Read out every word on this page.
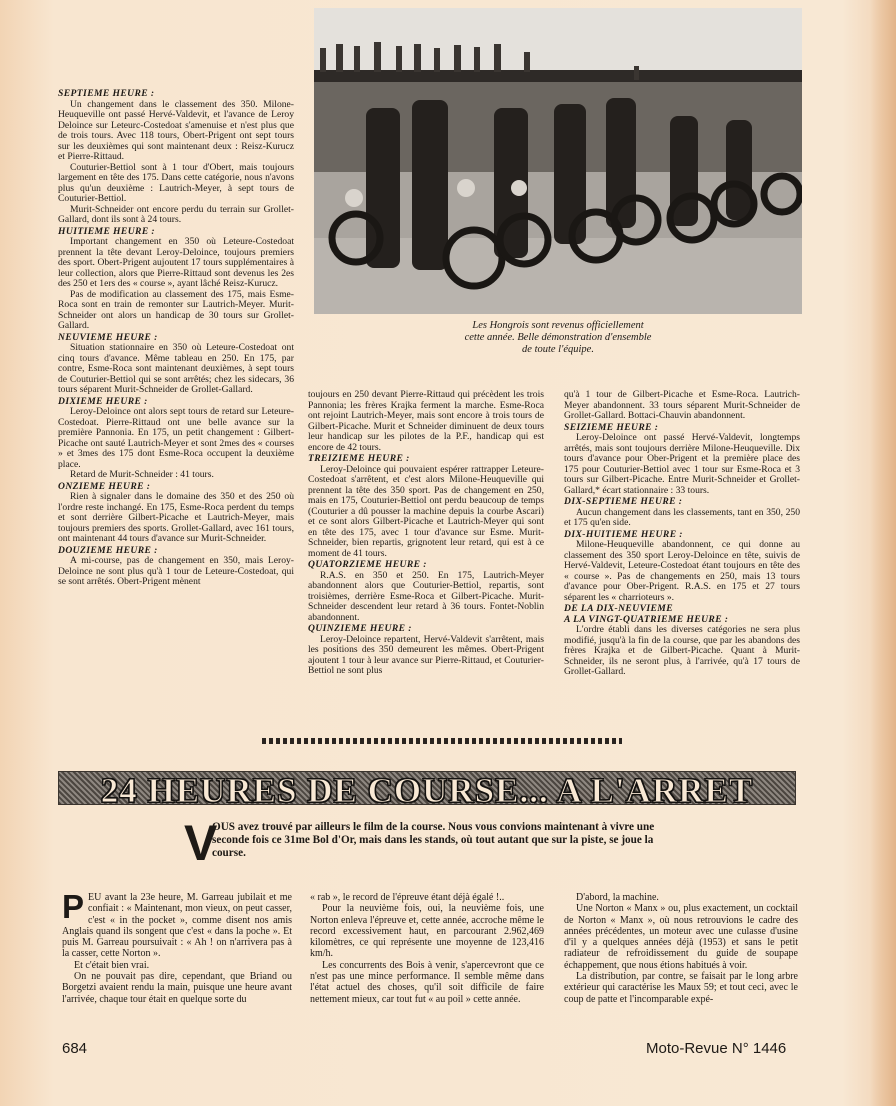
SEPTIEME HEURE :

Un changement dans le classement des 350. Milone-Heuqueville ont passé Hervé-Valdevit, et l'avance de Leroy Deloince sur Leteurc-Costedoat s'amenuise et n'est plus que de trois tours. Avec 118 tours, Obert-Prigent ont sept tours sur les deuxièmes qui sont maintenant deux : Reisz-Kurucz et Pierre-Rittaud.

Couturier-Bettiol sont à 1 tour d'Obert, mais toujours largement en tête des 175. Dans cette catégorie, nous n'avons plus qu'un deuxième : Lautrich-Meyer, à sept tours de Couturier-Bettiol.

Murit-Schneider ont encore perdu du terrain sur Grollet-Gallard, dont ils sont à 24 tours.

HUITIEME HEURE :

Important changement en 350 où Leteure-Costedoat prennent la tête devant Leroy-Deloince, toujours premiers des sport. Obert-Prigent aujoutent 17 tours supplémentaires à leur collection, alors que Pierre-Rittaud sont devenus les 2es des 250 et 1ers des « course », ayant lâché Reisz-Kurucz.

Pas de modification au classement des 175, mais Esme-Roca sont en train de remonter sur Lautrich-Meyer. Murit-Schneider ont alors un handicap de 30 tours sur Grollet-Gallard.

NEUVIEME HEURE :

Situation stationnaire en 350 où Leteure-Costedoat ont cinq tours d'avance. Même tableau en 250. En 175, par contre, Esme-Roca sont maintenant deuxièmes, à sept tours de Couturier-Bettiol qui se sont arrêtés; chez les sidecars, 36 tours séparent Murit-Schneider de Grollet-Gallard.

DIXIEME HEURE :

Leroy-Deloince ont alors sept tours de retard sur Leteure-Costedoat. Pierre-Rittaud ont une belle avance sur la première Pannonia. En 175, un petit changement : Gilbert-Picache ont sauté Lautrich-Meyer et sont 2mes des « courses » et 3mes des 175 dont Esme-Roca occupent la deuxième place.

Retard de Murit-Schneider : 41 tours.

ONZIEME HEURE :

Rien à signaler dans le domaine des 350 et des 250 où l'ordre reste inchangé. En 175, Esme-Roca perdent du temps et sont derrière Gilbert-Picache et Lautrich-Meyer, mais toujours premiers des sports. Grollet-Gallard, avec 161 tours, ont maintenant 44 tours d'avance sur Murit-Schneider.

DOUZIEME HEURE :

A mi-course, pas de changement en 350, mais Leroy-Deloince ne sont plus qu'à 1 tour de Leteure-Costedoat, qui se sont arrêtés. Obert-Prigent mènent

Les Hongrois sont revenus officiellement
cette année. Belle démonstration d'ensemble
de toute l'équipe.

toujours en 250 devant Pierre-Rittaud qui précèdent les trois Pannonia; les frères Krajka ferment la marche. Esme-Roca ont rejoint Lautrich-Meyer, mais sont encore à trois tours de Gilbert-Picache. Murit et Schneider diminuent de deux tours leur handicap sur les pilotes de la P.F., handicap qui est encore de 42 tours.

TREIZIEME HEURE :

Leroy-Deloince qui pouvaient espérer rattrapper Leteure-Costedoat s'arrêtent, et c'est alors Milone-Heuqueville qui prennent la tête des 350 sport. Pas de changement en 250, mais en 175, Couturier-Bettiol ont perdu beaucoup de temps (Couturier a dû pousser la machine depuis la courbe Ascari) et ce sont alors Gilbert-Picache et Lautrich-Meyer qui sont en tête des 175, avec 1 tour d'avance sur Esme. Murit-Schneider, bien repartis, grignotent leur retard, qui est à ce moment de 41 tours.

QUATORZIEME HEURE :

R.A.S. en 350 et 250. En 175, Lautrich-Meyer abandonnent alors que Couturier-Bettiol, repartis, sont troisièmes, derrière Esme-Roca et Gilbert-Picache. Murit-Schneider descendent leur retard à 36 tours. Fontet-Noblin abandonnent.

QUINZIEME HEURE :

Leroy-Deloince repartent, Hervé-Valdevit s'arrêtent, mais les positions des 350 demeurent les mêmes. Obert-Prigent ajoutent 1 tour à leur avance sur Pierre-Rittaud, et Couturier-Bettiol ne sont plus

qu'à 1 tour de Gilbert-Picache et Esme-Roca. Lautrich-Meyer abandonnent. 33 tours séparent Murit-Schneider de Grollet-Gallard. Bottaci-Chauvin abandonnent.

SEIZIEME HEURE :

Leroy-Deloince ont passé Hervé-Valdevit, longtemps arrêtés, mais sont toujours derrière Milone-Heuqueville. Dix tours d'avance pour Ober-Prigent et la première place des 175 pour Couturier-Bettiol avec 1 tour sur Esme-Roca et 3 tours sur Gilbert-Picache. Entre Murit-Schneider et Grollet-Gallard,* écart stationnaire : 33 tours.

DIX-SEPTIEME HEURE :

Aucun changement dans les classements, tant en 350, 250 et 175 qu'en side.

DIX-HUITIEME HEURE :

Milone-Heuqueville abandonnent, ce qui donne au classement des 350 sport Leroy-Deloince en tête, suivis de Hervé-Valdevit, Leteure-Costedoat étant toujours en tête des « course ». Pas de changements en 250, mais 13 tours d'avance pour Ober-Prigent. R.A.S. en 175 et 27 tours séparent les « charrioteurs ».

DE LA DIX-NEUVIEME
A LA VINGT-QUATRIEME HEURE :

L'ordre établi dans les diverses catégories ne sera plus modifié, jusqu'à la fin de la course, que par les abandons des frères Krajka et de Gilbert-Picache. Quant à Murit-Schneider, ils ne seront plus, à l'arrivée, qu'à 17 tours de Grollet-Gallard.

24 HEURES DE COURSE... A L'ARRET
V
OUS avez trouvé par ailleurs le film de la course. Nous vous convions maintenant à vivre une seconde fois ce 31me Bol d'Or, mais dans les stands, où tout autant que sur la piste, se joue la course.

PEU avant la 23e heure, M. Garreau jubilait et me confiait : « Maintenant, mon vieux, on peut casser, c'est « in the pocket », comme disent nos amis Anglais quand ils songent que c'est « dans la poche ». Et puis M. Garreau poursuivait : « Ah ! on n'arrivera pas à la casser, cette Norton ».

Et c'était bien vrai.

On ne pouvait pas dire, cependant, que Briand ou Borgetzi avaient rendu la main, puisque une heure avant l'arrivée, chaque tour était en quelque sorte du

« rab », le record de l'épreuve étant déjà égalé !..

Pour la neuvième fois, oui, la neuvième fois, une Norton enleva l'épreuve et, cette année, accroche même le record excessivement haut, en parcourant 2.962,469 kilomètres, ce qui représente une moyenne de 123,416 km/h.

Les concurrents des Bois à venir, s'apercevront que ce n'est pas une mince performance. Il semble même dans l'état actuel des choses, qu'il soit difficile de faire nettement mieux, car tout fut « au poil » cette année.

D'abord, la machine.

Une Norton « Manx » ou, plus exactement, un cocktail de Norton « Manx », où nous retrouvions le cadre des années précédentes, un moteur avec une culasse d'usine d'il y a quelques années déjà (1953) et sans le petit radiateur de refroidissement du guide de soupape échappement, que nous étions habitués à voir.

La distribution, par contre, se faisait par le long arbre extérieur qui caractérise les Maux 59; et tout ceci, avec le coup de patte et l'incomparable expé-

684	Moto-Revue N° 1446
